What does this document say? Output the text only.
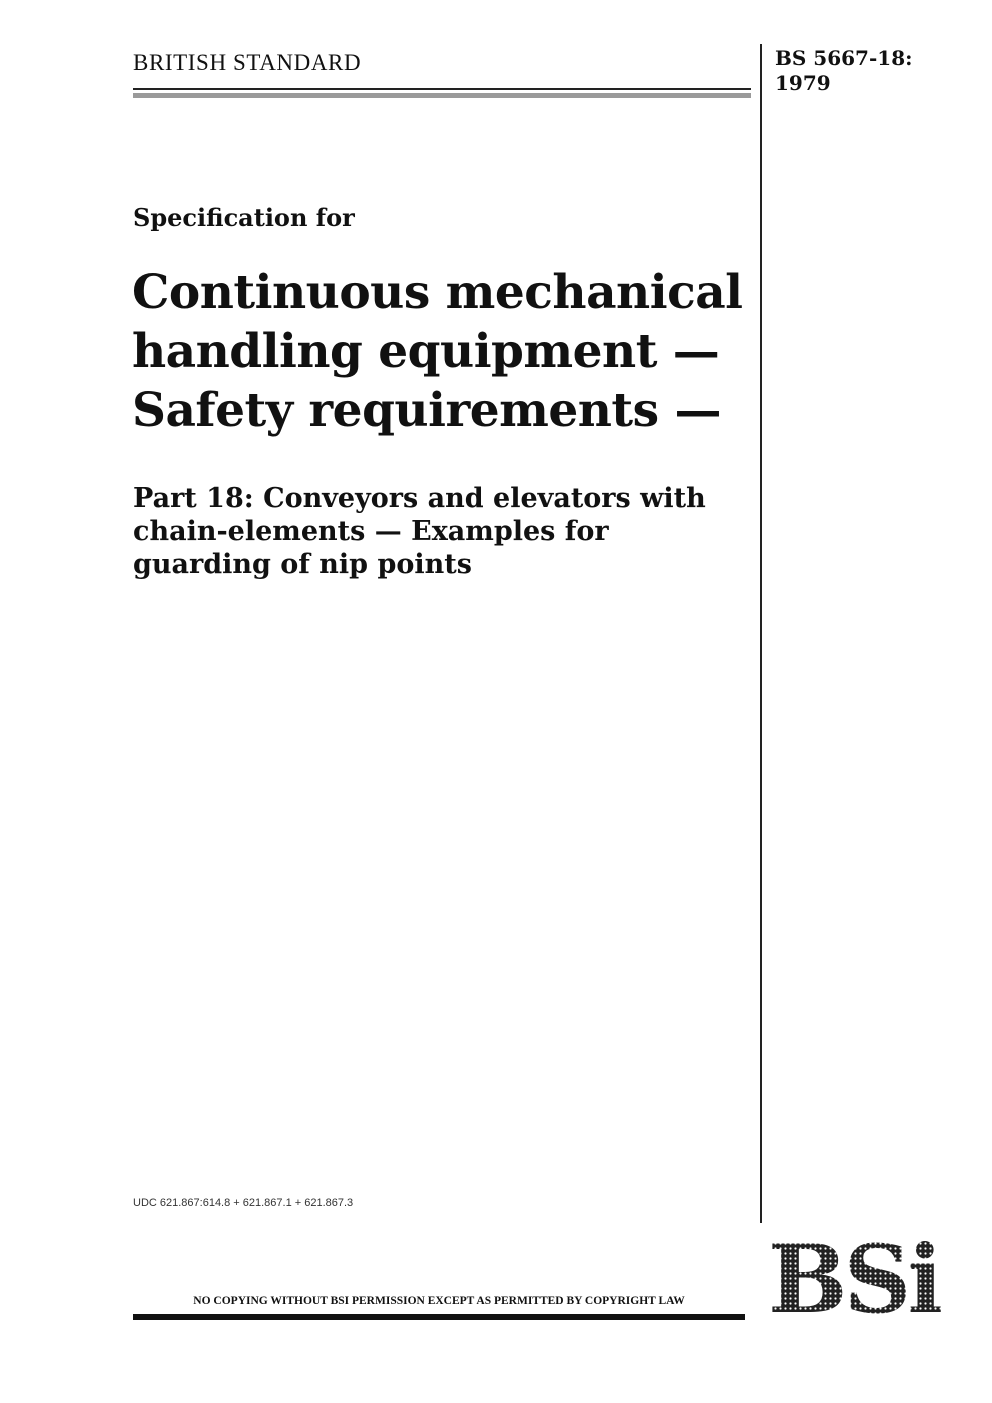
BRITISH STANDARD	BS 5667-18:
1979
Specification for
Continuous mechanical
handling equipment —
Safety requirements —
Part 18: Conveyors and elevators with
chain-elements — Examples for
guarding of nip points
UDC 621.867:614.8 + 621.867.1 + 621.867.3
NO COPYING WITHOUT BSI PERMISSION EXCEPT AS PERMITTED BY COPYRIGHT LAW
